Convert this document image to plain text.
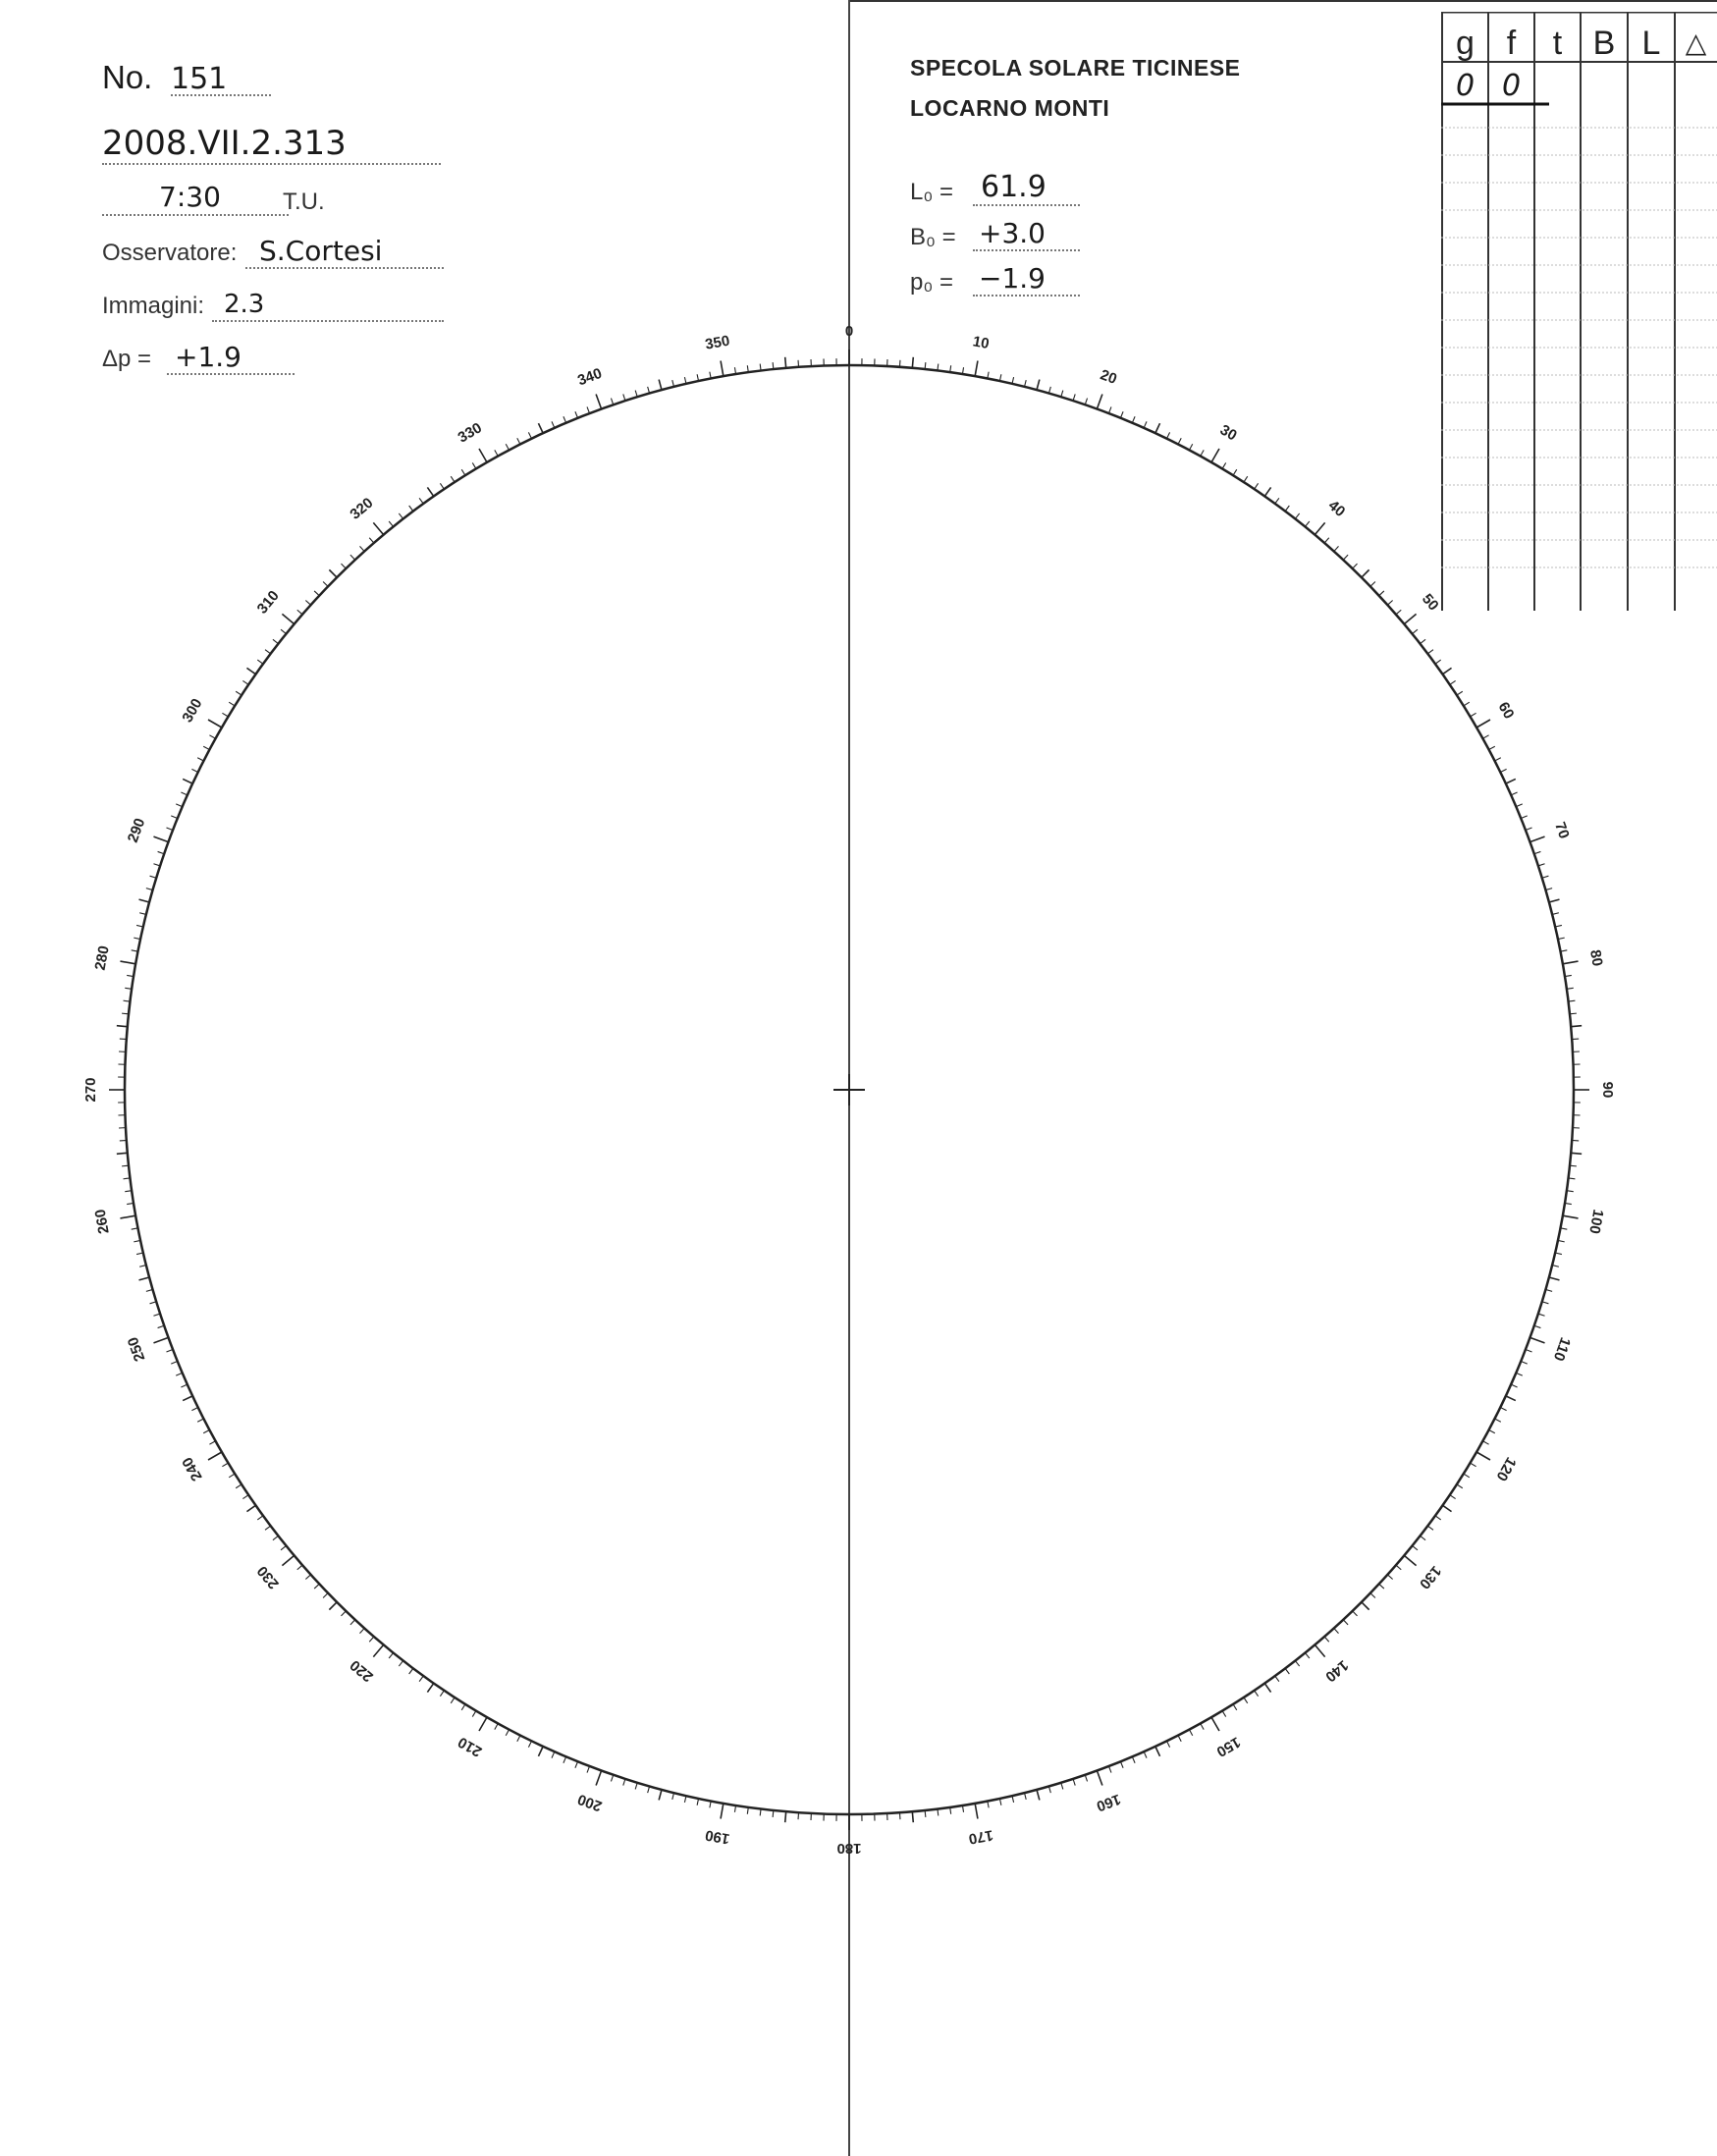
No. 151
2008.VII.2.313
7:30	T.U.
Osservatore: S.Cortesi
Immagini: 2.3
Δp = +1.9
SPECOLA SOLARE TICINESE
LOCARNO MONTI
L₀ = 61.9
B₀ = +3.0
p₀ = −1.9
g f	t B L △
0 0
0
10
20
30
40
50
60
70
80
90
100
110
120
130
140
150
160
170
180
190
200
210
220
230
240
250
260
270
280
290
300
310
320
330
340
350
